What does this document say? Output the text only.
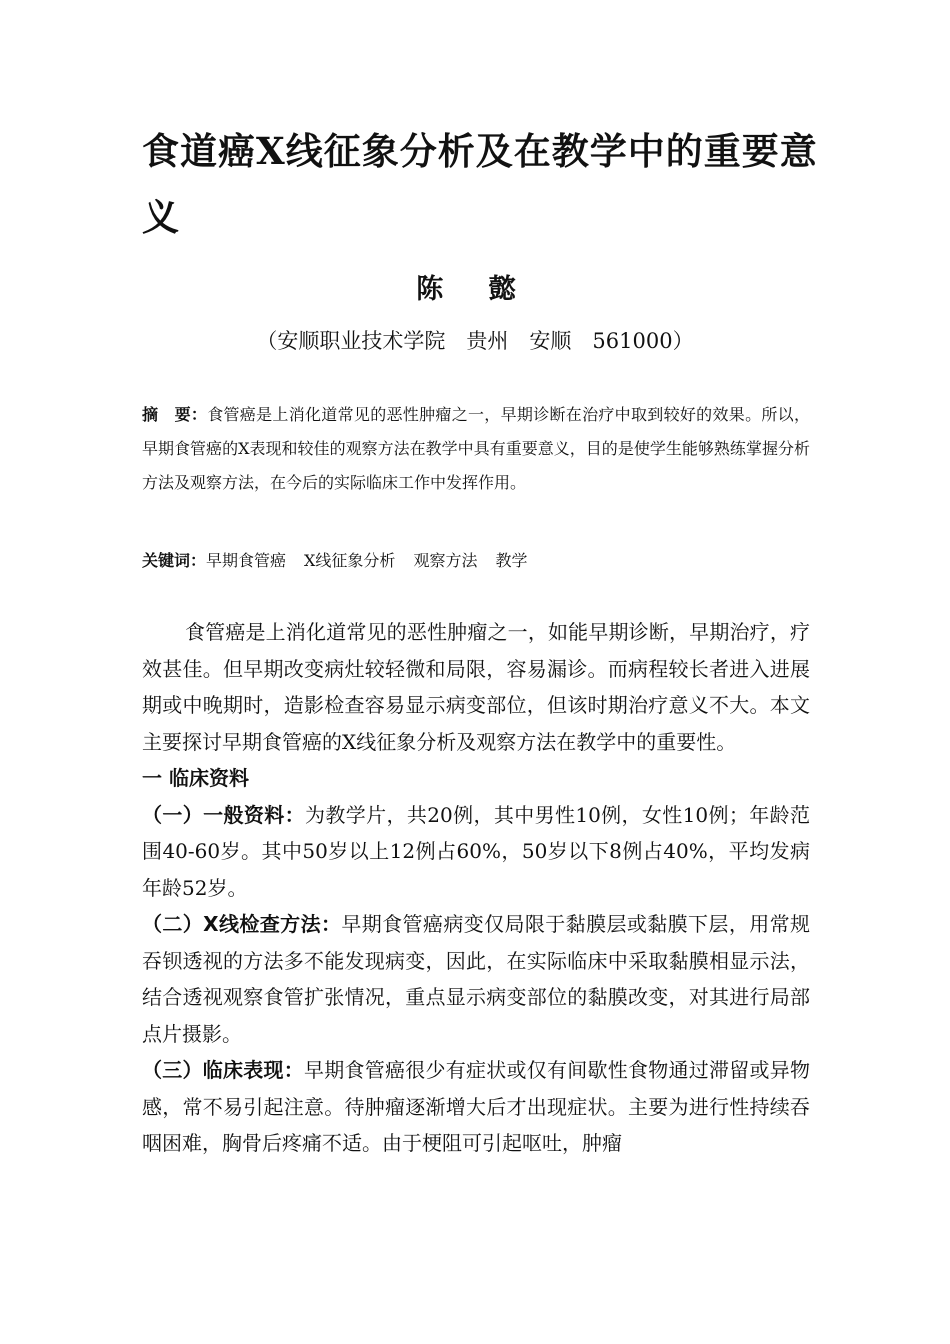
食道癌X线征象分析及在教学中的重要意义
陈 懿
（安顺职业技术学院　贵州　安顺　561000）
摘　要：食管癌是上消化道常见的恶性肿瘤之一，早期诊断在治疗中取到较好的效果。所以，早期食管癌的X表现和较佳的观察方法在教学中具有重要意义，目的是使学生能够熟练掌握分析方法及观察方法，在今后的实际临床工作中发挥作用。
关键词：早期食管癌 X线征象分析 观察方法 教学

食管癌是上消化道常见的恶性肿瘤之一，如能早期诊断，早期治疗，疗效甚佳。但早期改变病灶较轻微和局限，容易漏诊。而病程较长者进入进展期或中晚期时，造影检查容易显示病变部位，但该时期治疗意义不大。本文主要探讨早期食管癌的X线征象分析及观察方法在教学中的重要性。

一 临床资料

（一）一般资料：为教学片，共20例，其中男性10例，女性10例；年龄范围40-60岁。其中50岁以上12例占60%，50岁以下8例占40%，平均发病年龄52岁。

（二）X线检查方法：早期食管癌病变仅局限于黏膜层或黏膜下层，用常规吞钡透视的方法多不能发现病变，因此，在实际临床中采取黏膜相显示法，结合透视观察食管扩张情况，重点显示病变部位的黏膜改变，对其进行局部点片摄影。

（三）临床表现：早期食管癌很少有症状或仅有间歇性食物通过滞留或异物感，常不易引起注意。待肿瘤逐渐增大后才出现症状。主要为进行性持续吞咽困难，胸骨后疼痛不适。由于梗阻可引起呕吐，肿瘤
